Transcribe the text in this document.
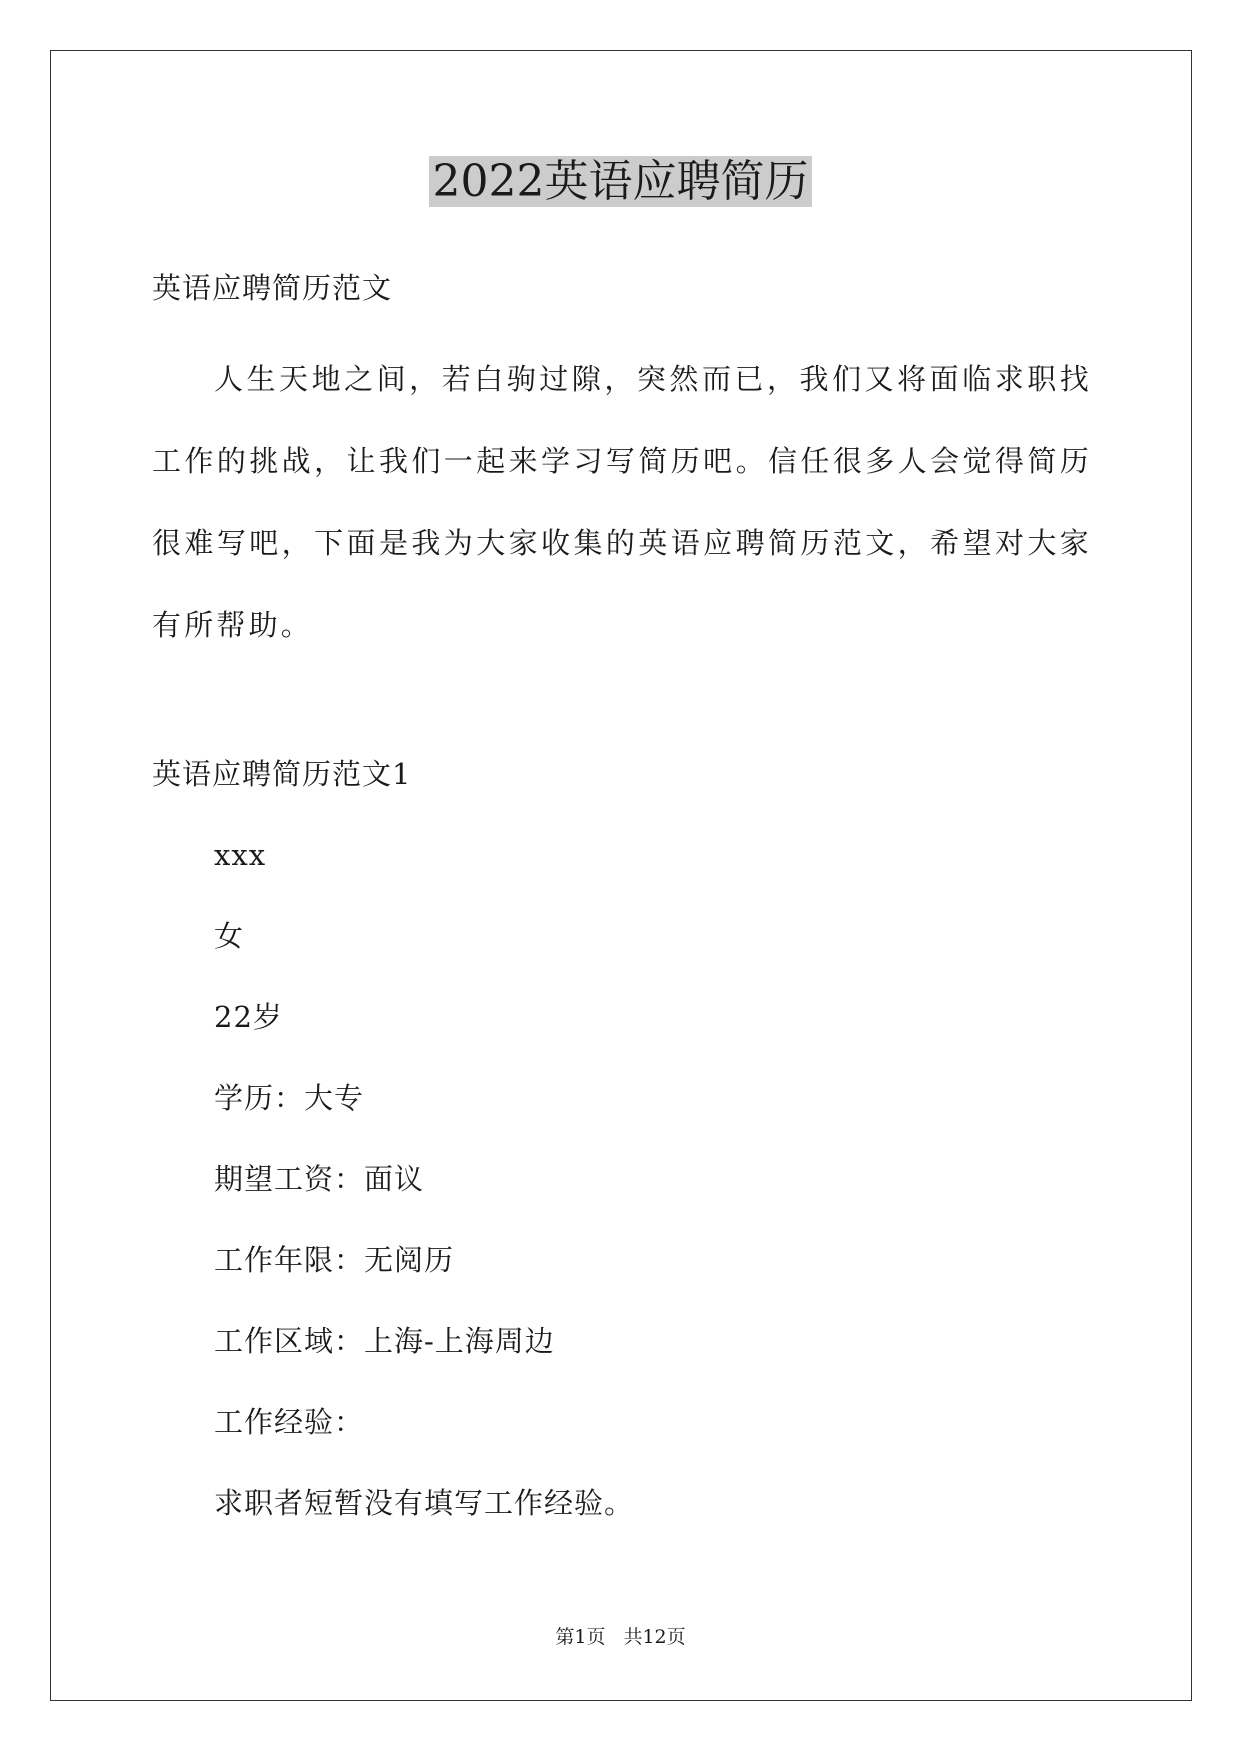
2022英语应聘简历

英语应聘简历范文

人生天地之间，若白驹过隙，突然而已，我们又将面临求职找工作的挑战，让我们一起来学习写简历吧。信任很多人会觉得简历很难写吧，下面是我为大家收集的英语应聘简历范文，希望对大家有所帮助。

英语应聘简历范文1

xxx

女

22岁

学历：大专

期望工资：面议

工作年限：无阅历

工作区域：上海-上海周边

工作经验：

求职者短暂没有填写工作经验。

第1页 共12页
